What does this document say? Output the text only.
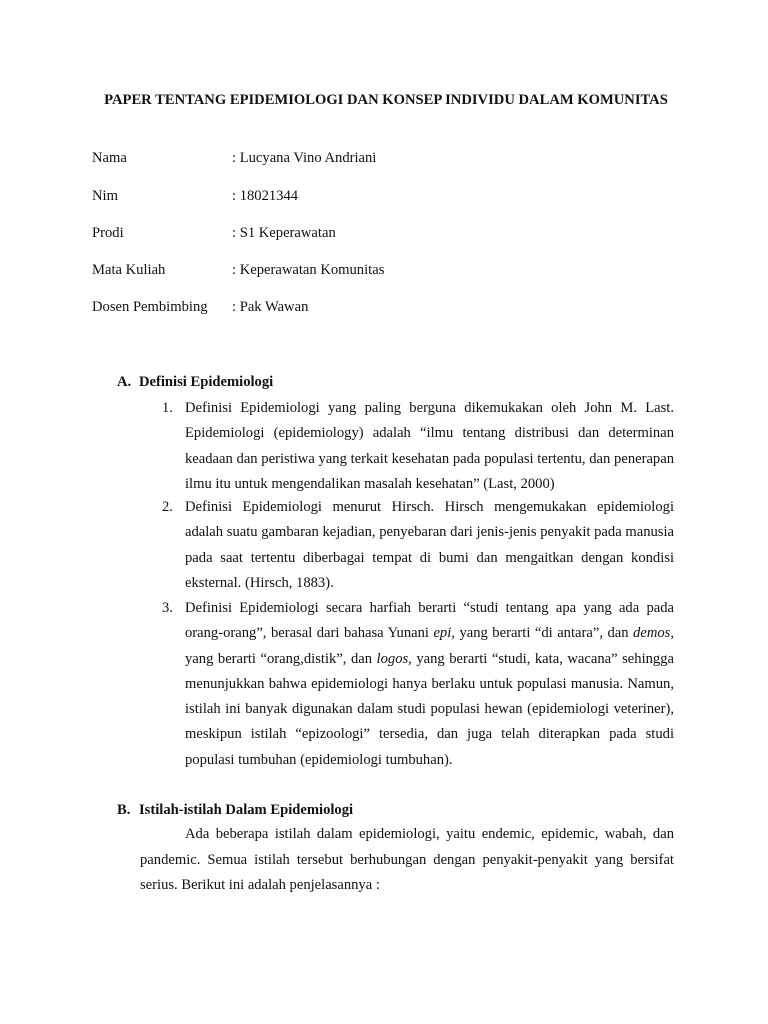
PAPER TENTANG EPIDEMIOLOGI DAN KONSEP INDIVIDU DALAM KOMUNITAS
Nama	: Lucyana Vino Andriani
Nim	: 18021344
Prodi	: S1 Keperawatan
Mata Kuliah	: Keperawatan Komunitas
Dosen Pembimbing : Pak Wawan
A. Definisi Epidemiologi
1. Definisi Epidemiologi yang paling berguna dikemukakan oleh John M. Last. Epidemiologi (epidemiology) adalah “ilmu tentang distribusi dan determinan keadaan dan peristiwa yang terkait kesehatan pada populasi tertentu, dan penerapan ilmu itu untuk mengendalikan masalah kesehatan” (Last, 2000)
2. Definisi Epidemiologi menurut Hirsch. Hirsch mengemukakan epidemiologi adalah suatu gambaran kejadian, penyebaran dari jenis-jenis penyakit pada manusia pada saat tertentu diberbagai tempat di bumi dan mengaitkan dengan kondisi eksternal. (Hirsch, 1883).
3. Definisi Epidemiologi secara harfiah berarti “studi tentang apa yang ada pada orang-orang”, berasal dari bahasa Yunani epi, yang berarti “di antara”, dan demos, yang berarti “orang,distik”, dan logos, yang berarti “studi, kata, wacana” sehingga menunjukkan bahwa epidemiologi hanya berlaku untuk populasi manusia. Namun, istilah ini banyak digunakan dalam studi populasi hewan (epidemiologi veteriner), meskipun istilah “epizoologi” tersedia, dan juga telah diterapkan pada studi populasi tumbuhan (epidemiologi tumbuhan).
B. Istilah-istilah Dalam Epidemiologi
Ada beberapa istilah dalam epidemiologi, yaitu endemic, epidemic, wabah, dan pandemic. Semua istilah tersebut berhubungan dengan penyakit-penyakit yang bersifat serius. Berikut ini adalah penjelasannya :
